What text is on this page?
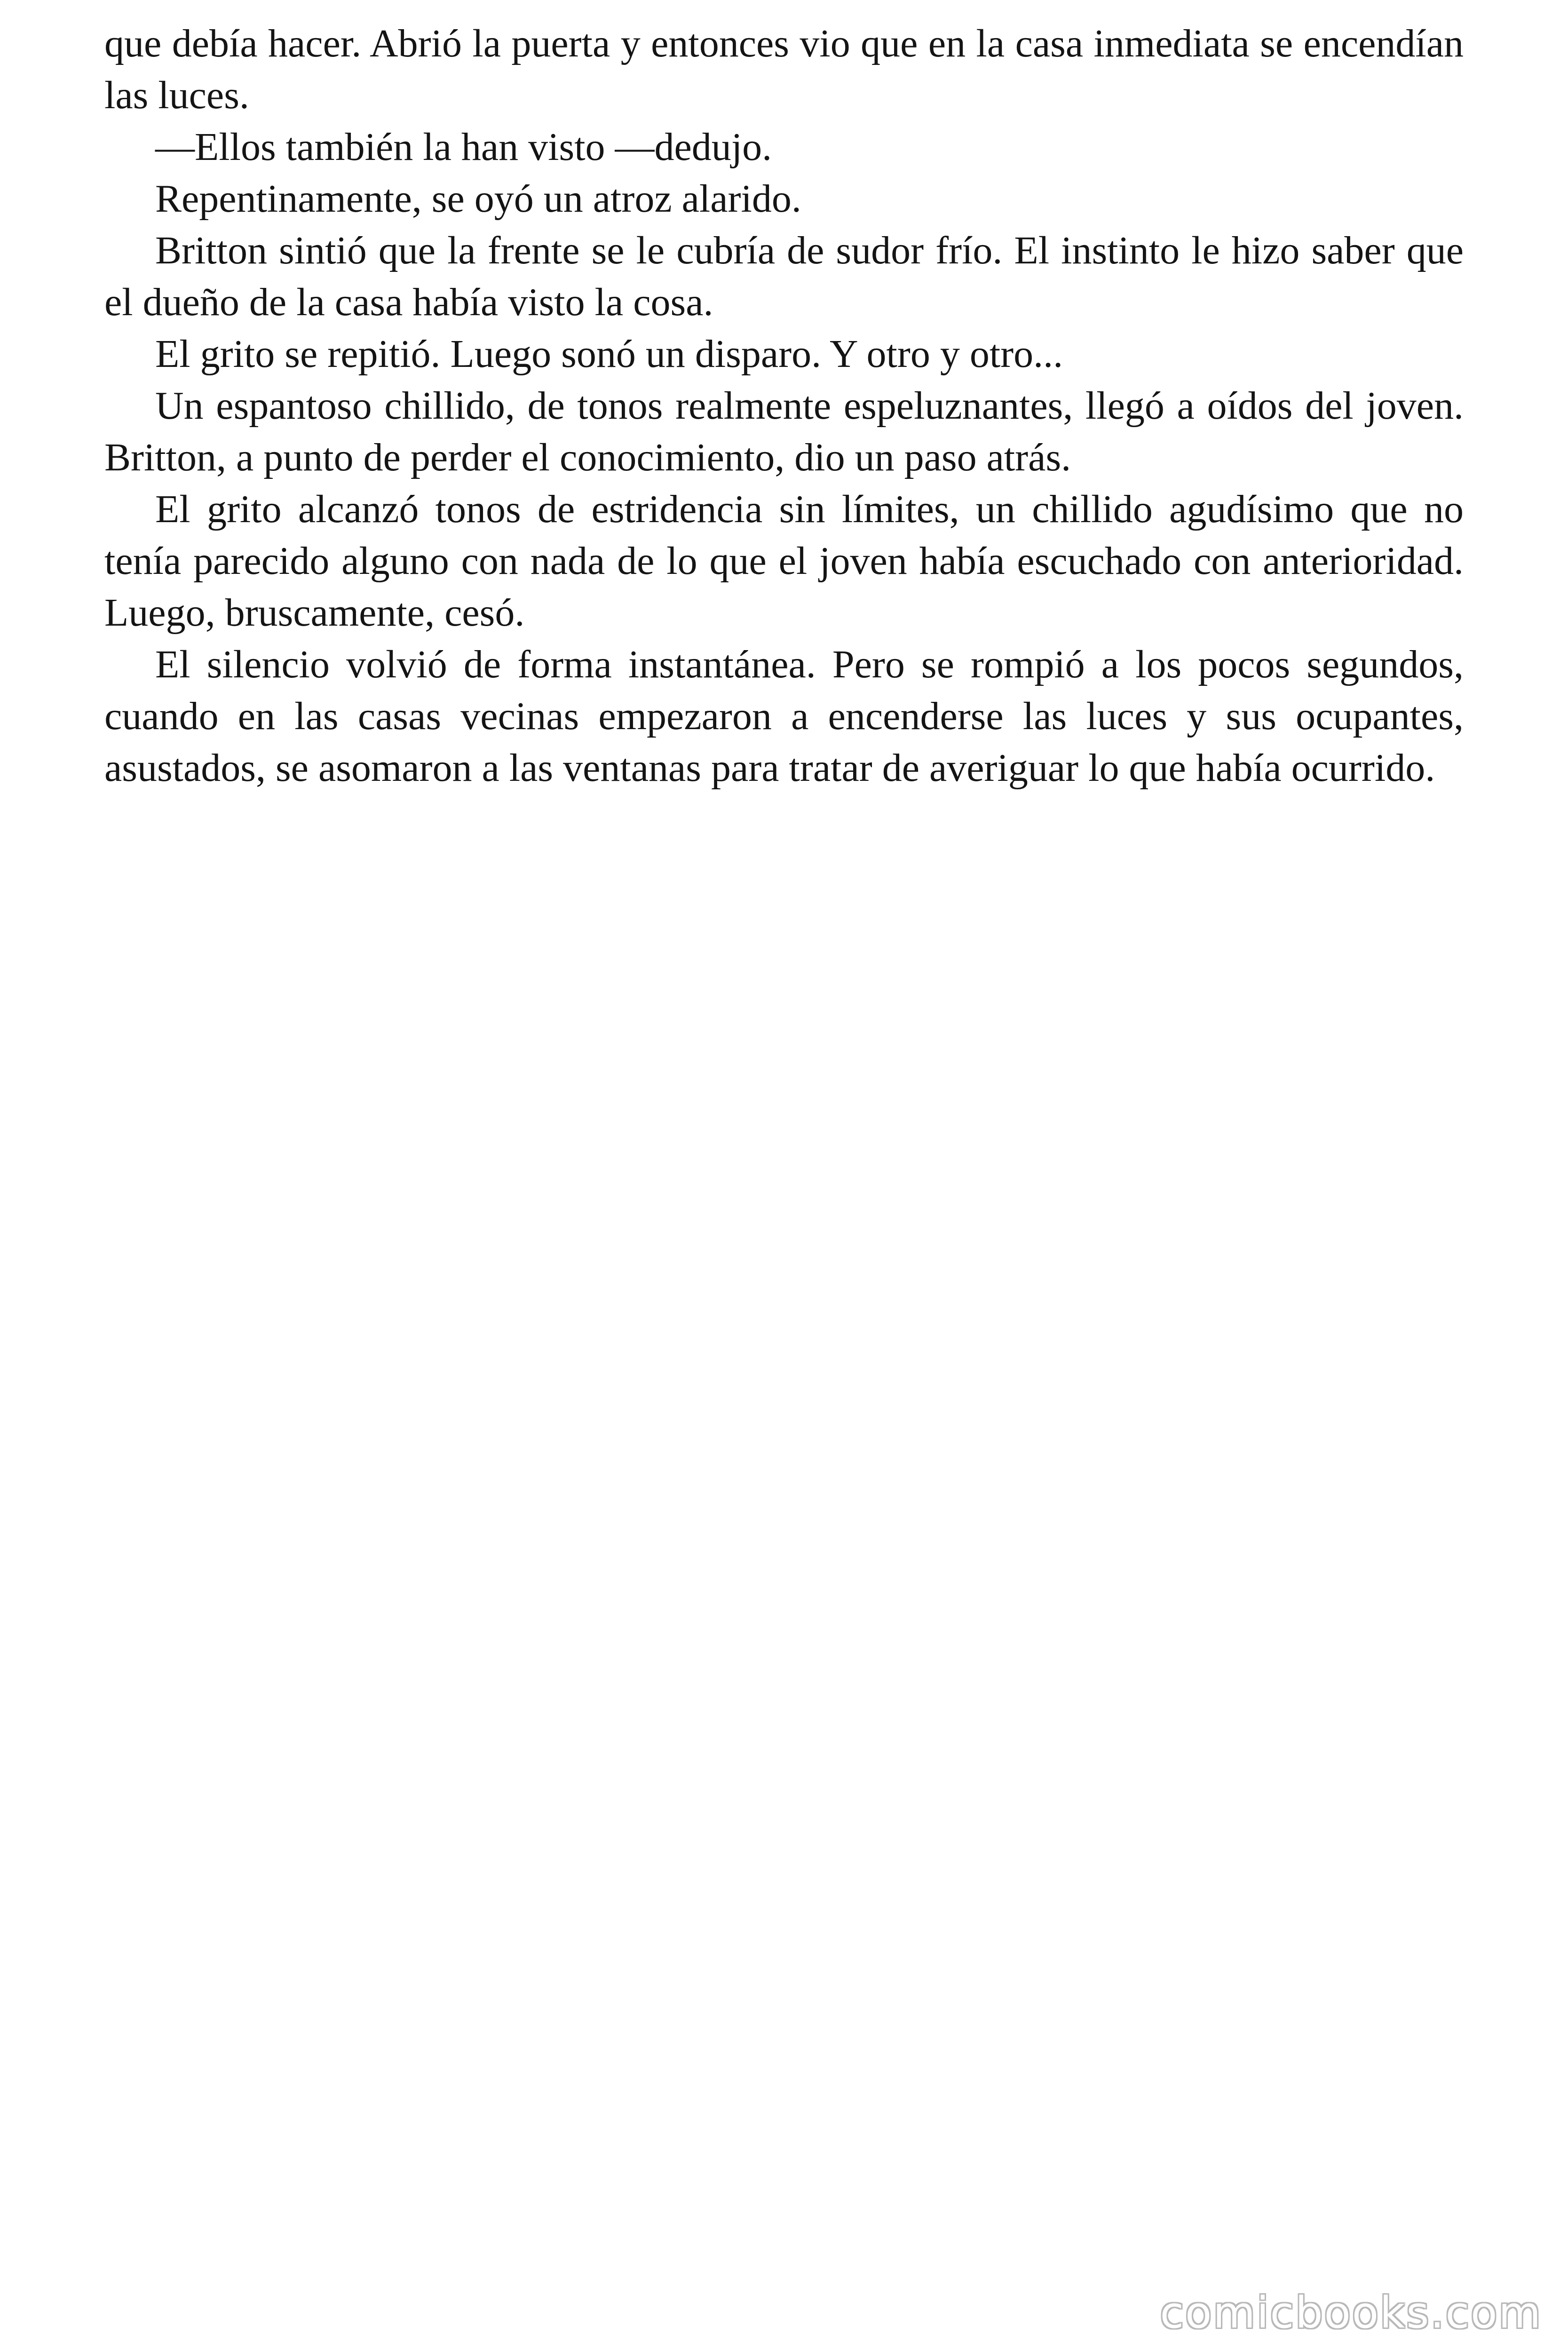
que debía hacer. Abrió la puerta y entonces vio que en la casa inmediata se encendían las luces.

—Ellos también la han visto —dedujo.

Repentinamente, se oyó un atroz alarido.

Britton sintió que la frente se le cubría de sudor frío. El instinto le hizo saber que el dueño de la casa había visto la cosa.

El grito se repitió. Luego sonó un disparo. Y otro y otro...

Un espantoso chillido, de tonos realmente espeluznantes, llegó a oídos del joven. Britton, a punto de perder el conocimiento, dio un paso atrás.

El grito alcanzó tonos de estridencia sin límites, un chillido agudísimo que no tenía parecido alguno con nada de lo que el joven había escuchado con anterioridad. Luego, bruscamente, cesó.

El silencio volvió de forma instantánea. Pero se rompió a los pocos segundos, cuando en las casas vecinas empezaron a encenderse las luces y sus ocupantes, asustados, se asomaron a las ventanas para tratar de averiguar lo que había ocurrido.

comicbooks.com
